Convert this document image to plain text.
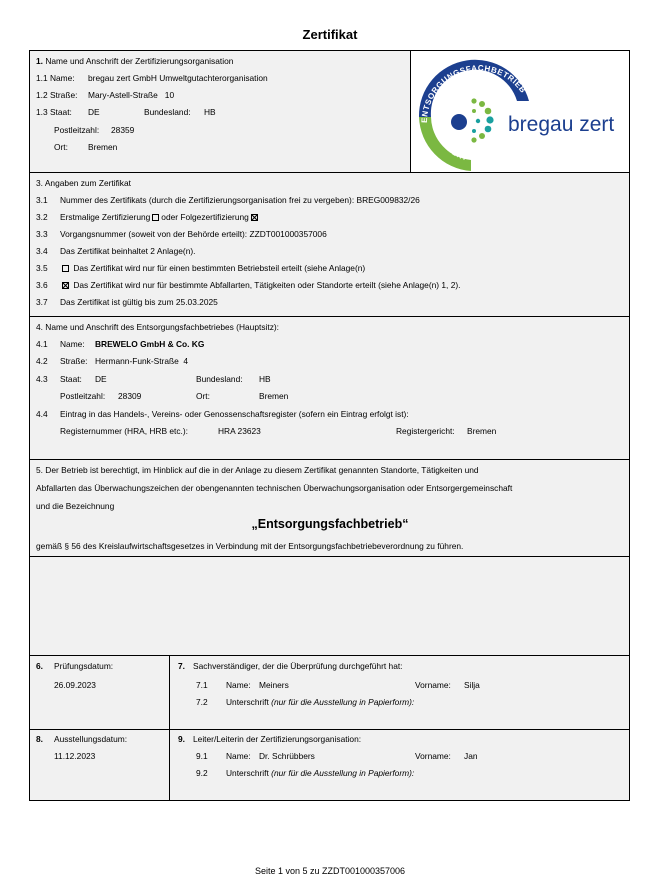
Zertifikat
ENTSORGUNGSFACHBETRIEB
ZERTIFIZIERT
bregau zert
1. Name und Anschrift der Zertifizierungsorganisation
1.1 Name: bregau zert GmbH Umweltgutachterorganisation
1.2 Straße: Mary-Astell-Straße   10
1.3 Staat: DE	Bundesland: HB
Postleitzahl: 28359
Ort: Bremen
3. Angaben zum Zertifikat
3.1 Nummer des Zertifikats (durch die Zertifizierungsorganisation frei zu vergeben): BREG009832/26
3.2 Erstmalige Zertifizierung oder Folgezertifizierung
3.3 Vorgangsnummer (soweit von der Behörde erteilt): ZZDT001000357006
3.4 Das Zertifikat beinhaltet 2 Anlage(n).
3.5	Das Zertifikat wird nur für einen bestimmten Betriebsteil erteilt (siehe Anlage(n)
3.6	Das Zertifikat wird nur für bestimmte Abfallarten, Tätigkeiten oder Standorte erteilt (siehe Anlage(n) 1, 2).
3.7 Das Zertifikat ist gültig bis zum 25.03.2025
4. Name und Anschrift des Entsorgungsfachbetriebes (Hauptsitz):
4.1 Name: BREWELO GmbH & Co. KG
4.2 Straße: Hermann-Funk-Straße  4
4.3 Staat: DE	Bundesland: HB
Postleitzahl: 28309	Ort:	Bremen
4.4 Eintrag in das Handels-, Vereins- oder Genossenschaftsregister (sofern ein Eintrag erfolgt ist):
Registernummer (HRA, HRB etc.):	HRA 23623	Registergericht: Bremen
5. Der Betrieb ist berechtigt, im Hinblick auf die in der Anlage zu diesem Zertifikat genannten Standorte, Tätigkeiten und
Abfallarten das Überwachungszeichen der obengenannten technischen Überwachungsorganisation oder Entsorgergemeinschaft
und die Bezeichnung
„Entsorgungsfachbetrieb“
gemäß § 56 des Kreislaufwirtschaftsgesetzes in Verbindung mit der Entsorgungsfachbetriebeverordnung zu führen.
6. Prüfungsdatum:
26.09.2023
7. Sachverständiger, der die Überprüfung durchgeführt hat:
7.1 Name: Meiners	Vorname: Silja
7.2 Unterschrift (nur für die Ausstellung in Papierform):
8. Ausstellungsdatum:
11.12.2023
9. Leiter/Leiterin der Zertifizierungsorganisation:
9.1 Name: Dr. Schrübbers	Vorname: Jan
9.2 Unterschrift (nur für die Ausstellung in Papierform):
Seite 1 von 5 zu ZZDT001000357006
